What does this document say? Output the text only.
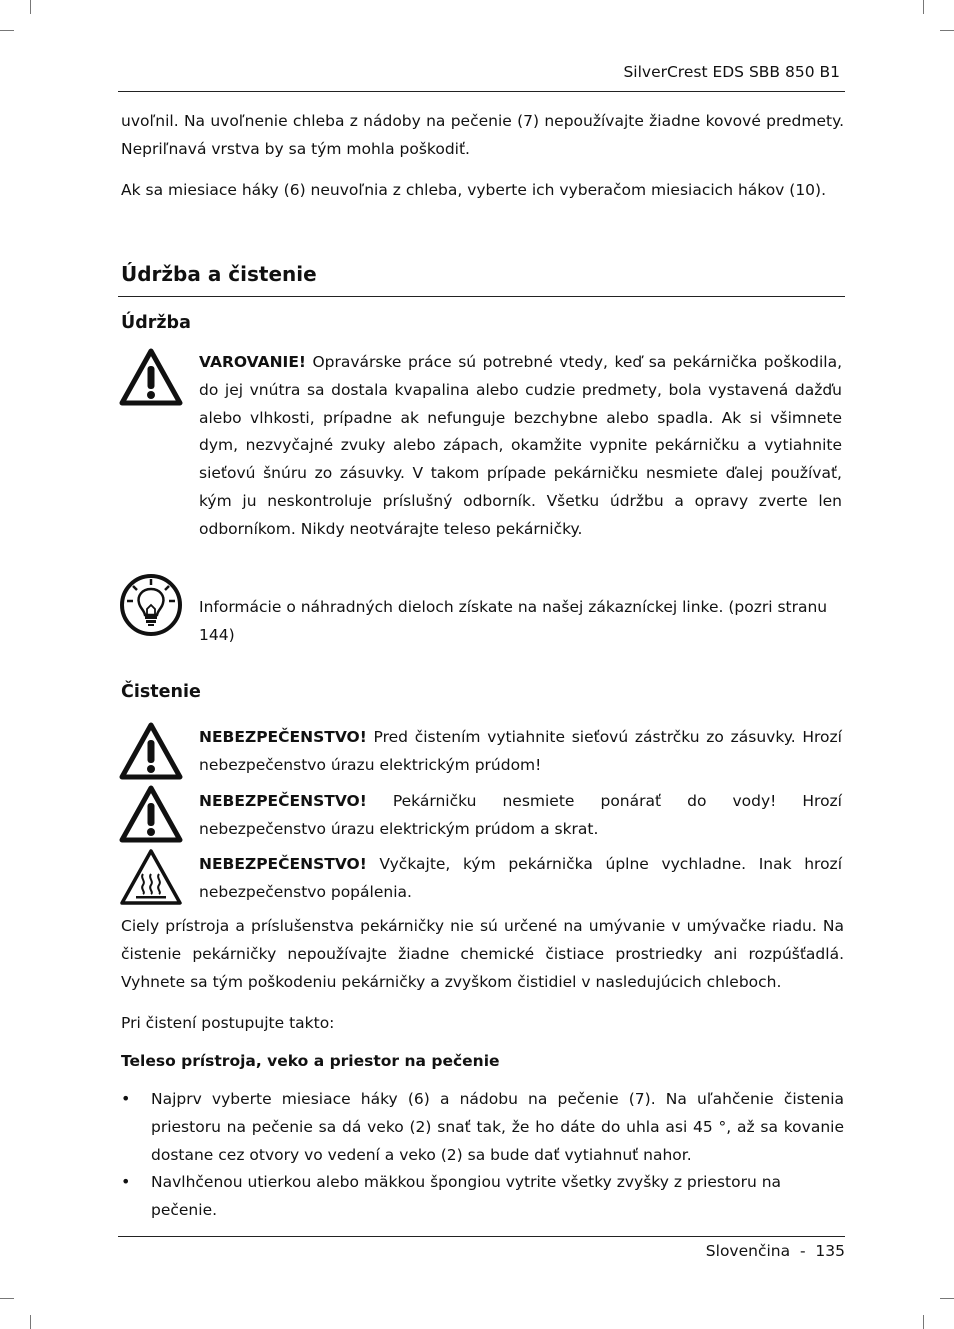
SilverCrest EDS SBB 850 B1

uvoľnil. Na uvoľnenie chleba z nádoby na pečenie (7) nepoužívajte žiadne kovové predmety. Nepriľnavá vrstva by sa tým mohla poškodiť.

Ak sa miesiace háky (6) neuvoľnia z chleba, vyberte ich vyberačom miesiacich hákov (10).

Údržba a čistenie
Údržba

VAROVANIE! Opravárske práce sú potrebné vtedy, keď sa pekárnička poškodila, do jej vnútra sa dostala kvapalina alebo cudzie predmety, bola vystavená dažďu alebo vlhkosti, prípadne ak nefunguje bezchybne alebo spadla. Ak si všimnete dym, nezvyčajné zvuky alebo zápach, okamžite vypnite pekárničku a vytiahnite sieťovú šnúru zo zásuvky. V takom prípade pekárničku nesmiete ďalej používať, kým ju neskontroluje príslušný odborník. Všetku údržbu a opravy zverte len odborníkom. Nikdy neotvárajte teleso pekárničky.

Informácie o náhradných dieloch získate na našej zákazníckej linke. (pozri stranu 144)

Čistenie

NEBEZPEČENSTVO! Pred čistením vytiahnite sieťovú zástrčku zo zásuvky. Hrozí nebezpečenstvo úrazu elektrickým prúdom!

NEBEZPEČENSTVO! Pekárničku nesmiete ponárať do vody! Hrozí nebezpečenstvo úrazu elektrickým prúdom a skrat.

NEBEZPEČENSTVO! Vyčkajte, kým pekárnička úplne vychladne. Inak hrozí nebezpečenstvo popálenia.

Ciely prístroja a príslušenstva pekárničky nie sú určené na umývanie v umývačke riadu. Na čistenie pekárničky nepoužívajte žiadne chemické čistiace prostriedky ani rozpúšťadlá. Vyhnete sa tým poškodeniu pekárničky a zvyškom čistidiel v nasledujúcich chleboch.

Pri čistení postupujte takto:

Teleso prístroja, veko a priestor na pečenie
• Najprv vyberte miesiace háky (6) a nádobu na pečenie (7). Na uľahčenie čistenia priestoru na pečenie sa dá veko (2) snať tak, že ho dáte do uhla asi 45 °, až sa kovanie dostane cez otvory vo vedení a veko (2) sa bude dať vytiahnuť nahor.

• Navlhčenou utierkou alebo mäkkou špongiou vytrite všetky zvyšky z priestoru na pečenie.

Slovenčina  -  135
